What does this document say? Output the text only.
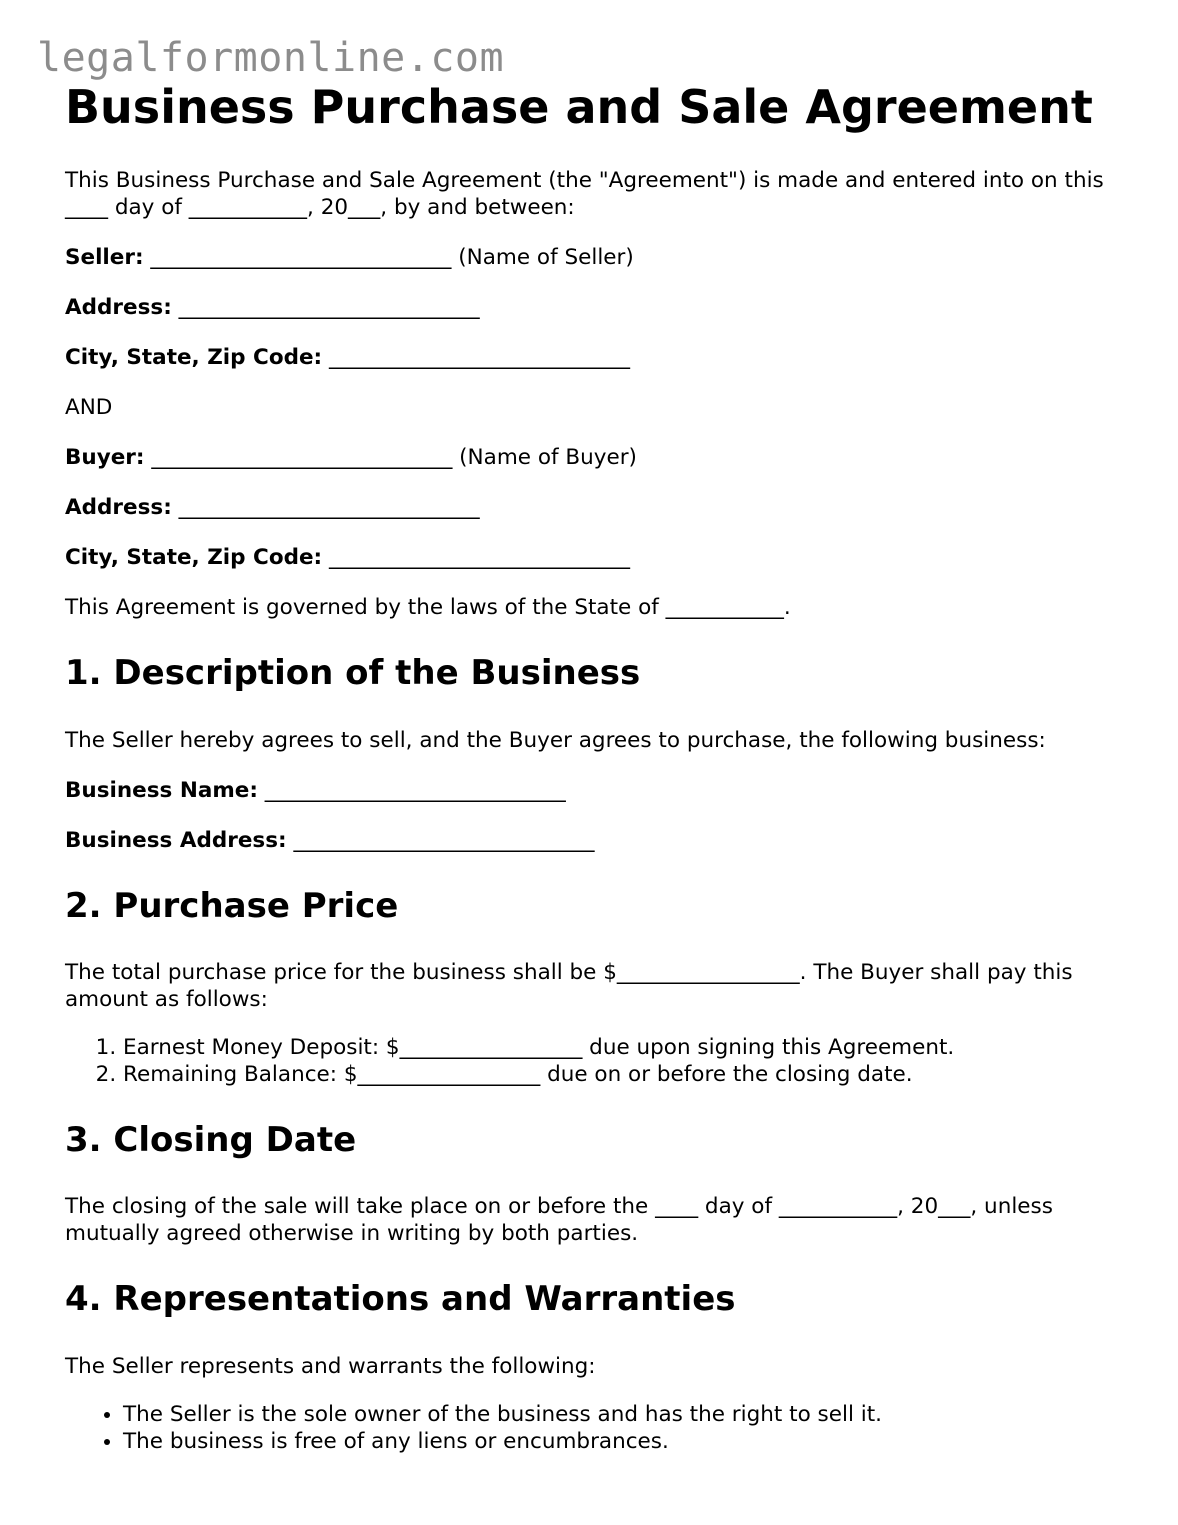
legalformonline.com
Business Purchase and Sale Agreement

This Business Purchase and Sale Agreement (the "Agreement") is made and entered into on this ____ day of ___________, 20___, by and between:

Seller: ____________________________ (Name of Seller)

Address: ____________________________

City, State, Zip Code: ____________________________

AND

Buyer: ____________________________ (Name of Buyer)

Address: ____________________________

City, State, Zip Code: ____________________________

This Agreement is governed by the laws of the State of ___________.

1. Description of the Business

The Seller hereby agrees to sell, and the Buyer agrees to purchase, the following business:

Business Name: ____________________________

Business Address: ____________________________

2. Purchase Price

The total purchase price for the business shall be $_________________. The Buyer shall pay this amount as follows:

1. Earnest Money Deposit: $_________________ due upon signing this Agreement.
2. Remaining Balance: $_________________ due on or before the closing date.
3. Closing Date

The closing of the sale will take place on or before the ____ day of ___________, 20___, unless mutually agreed otherwise in writing by both parties.

4. Representations and Warranties

The Seller represents and warrants the following:

• The Seller is the sole owner of the business and has the right to sell it.
• The business is free of any liens or encumbrances.
